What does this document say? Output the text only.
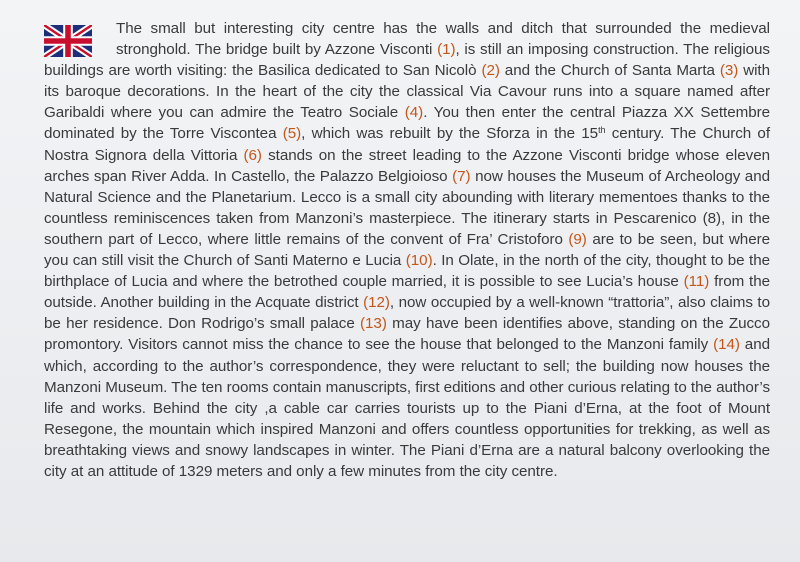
The small but interesting city centre has the walls and ditch that surrounded the medieval stronghold. The bridge built by Azzone Visconti (1), is still an imposing construction. The religious buildings are worth visiting: the Basilica dedicated to San Nicolò (2) and the Church of Santa Marta (3) with its baroque decorations. In the heart of the city the classical Via Cavour runs into a square named after Garibaldi where you can admire the Teatro Sociale (4). You then enter the central Piazza XX Settembre dominated by the Torre Viscontea (5), which was rebuilt by the Sforza in the 15th century. The Church of Nostra Signora della Vittoria (6) stands on the street leading to the Azzone Visconti bridge whose eleven arches span River Adda. In Castello, the Palazzo Belgioioso (7) now houses the Museum of Archeology and Natural Science and the Planetarium. Lecco is a small city abounding with literary mementoes thanks to the countless reminiscences taken from Manzoni’s masterpiece. The itinerary starts in Pescarenico (8), in the southern part of Lecco, where little remains of the convent of Fra’ Cristoforo (9) are to be seen, but where you can still visit the Church of Santi Materno e Lucia (10). In Olate, in the north of the city, thought to be the birthplace of Lucia and where the betrothed couple married, it is possible to see Lucia’s house (11) from the outside. Another building in the Acquate district (12), now occupied by a well-known “trattoria”, also claims to be her residence. Don Rodrigo’s small palace (13) may have been identifies above, standing on the Zucco promontory. Visitors cannot miss the chance to see the house that belonged to the Manzoni family (14) and which, according to the author’s correspondence, they were reluctant to sell; the building now houses the Manzoni Museum. The ten rooms contain manuscripts, first editions and other curious relating to the author’s life and works. Behind the city ,a cable car carries tourists up to the Piani d’Erna, at the foot of Mount Resegone, the mountain which inspired Manzoni and offers countless opportunities for trekking, as well as breathtaking views and snowy landscapes in winter. The Piani d’Erna are a natural balcony overlooking the city at an attitude of 1329 meters and only a few minutes from the city centre.
